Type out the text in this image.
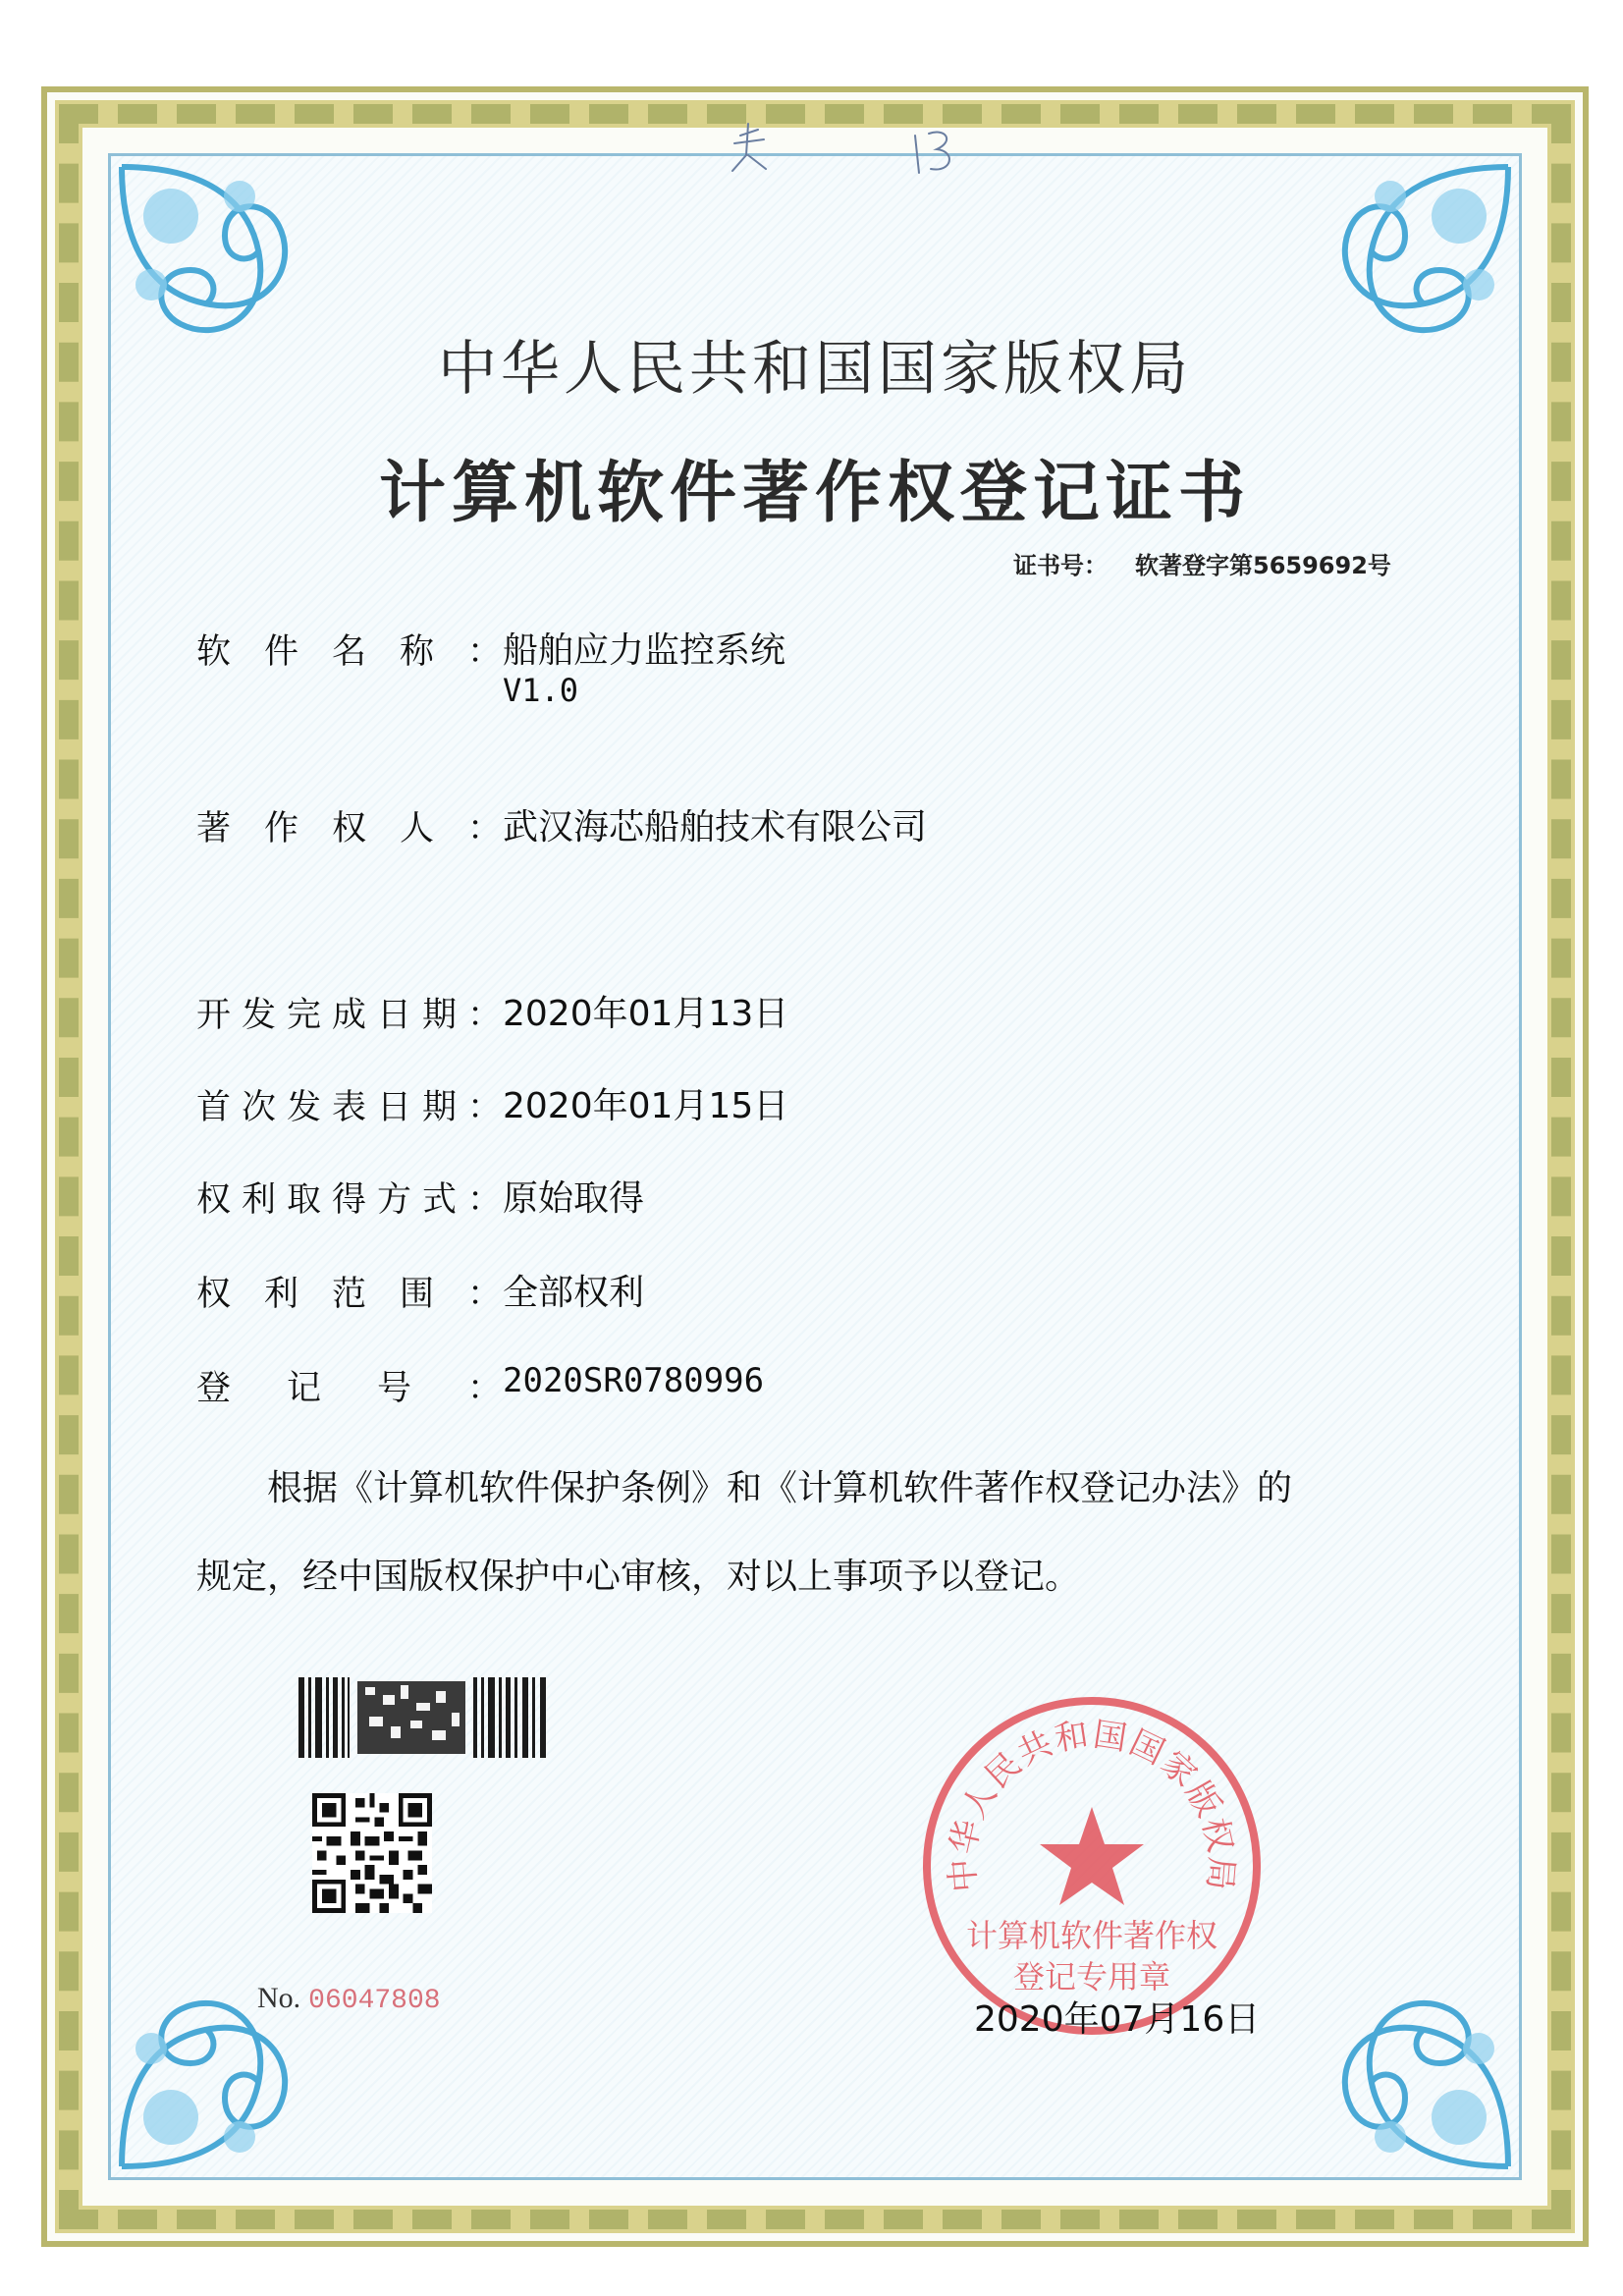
中华人民共和国国家版权局
计算机软件著作权登记证书
证书号： 软著登字第5659692号
软 件 名 称 ： 船舶应力监控系统
V1.0
著 作 权 人 ： 武汉海芯船舶技术有限公司
开 发 完 成 日 期 ： 2020年01月13日
首 次 发 表 日 期 ： 2020年01月15日
权 利 取 得 方 式 ： 原始取得
权 利 范 围 ： 全部权利
登 记 号 ： 2020SR0780996
根据《计算机软件保护条例》和《计算机软件著作权登记办法》的
规定，经中国版权保护中心审核，对以上事项予以登记。
No. 06047808
中华人民共和国国家版权局
计算机软件著作权
登记专用章
2020年07月16日
